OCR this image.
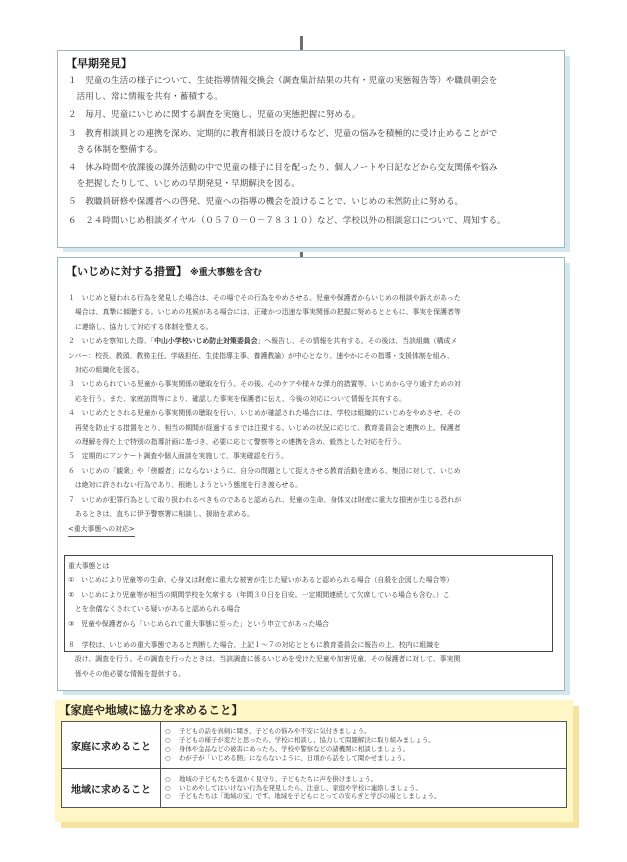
【早期発見】
１　児童の生活の様子について、生徒指導情報交換会（調査集計結果の共有・児童の実態報告等）や職員朝会を
　活用し、常に情報を共有・蓄積する。
２　毎月、児童にいじめに関する調査を実施し、児童の実態把握に努める。
３　教育相談員との連携を深め、定期的に教育相談日を設けるなど、児童の悩みを積極的に受け止めることがで
　きる体制を整備する。
４　休み時間や放課後の課外活動の中で児童の様子に目を配ったり、個人ノートや日記などから交友関係や悩み
　を把握したりして、いじめの早期発見・早期解決を図る。
５　教職員研修や保護者への啓発、児童への指導の機会を設けることで、いじめの未然防止に努める。
６　２４時間いじめ相談ダイヤル（０５７０－０－７８３１０）など、学校以外の相談窓口について、周知する。
【いじめに対する措置】 ※重大事態を含む
１　いじめと疑われる行為を発見した場合は、その場でその行為をやめさせる。児童や保護者からいじめの相談や訴えがあった
　場合は、真摯に傾聴する。いじめの兆候がある場合には、正確かつ迅速な事実関係の把握に努めるとともに、事実を保護者等
　に連絡し、協力して対応する体制を整える。
２　いじめを察知した際、「中山小学校いじめ防止対策委員会」へ報告し、その情報を共有する。その後は、当該組織（構成メ
ンバー：校長、教頭、教務主任、学級担任、生徒指導主事、養護教諭）が中心となり、速やかにその指導・支援体制を組み、
　対応の組織化を図る。
３　いじめられている児童から事実関係の聴取を行う。その後、心のケアや様々な弾力的措置等、いじめから守り通すための対
　応を行う。また、家庭訪問等により、確認した事実を保護者に伝え、今後の対応について情報を共有する。
４　いじめたとされる児童から事実関係の聴取を行い、いじめが確認された場合には、学校は組織的にいじめをやめさせ、その
　再発を防止する措置をとり、相当の期間が経過するまでは注視する。いじめの状況に応じて、教育委員会と連携の上、保護者
　の理解を得た上で特別の指導計画に基づき、必要に応じて警察等との連携を含め、毅然とした対応を行う。
５　定期的にアンケート調査や個人面談を実施して、事実確認を行う。
６　いじめの「観衆」や「傍観者」にならないように、自分の問題として捉えさせる教育活動を進める。集団に対して、いじめ
　は絶対に許されない行為であり、根絶しようという態度を行き渡らせる。
７　いじめが犯罪行為として取り扱われるべきものであると認められ、児童の生命、身体又は財産に重大な損害が生じる恐れが
　あるときは、直ちに伊予警察署に相談し、援助を求める。
<重大事態への対応>
重大事態とは
①　いじめにより児童等の生命、心身又は財産に重大な被害が生じた疑いがあると認められる場合（自殺を企図した場合等）
②　いじめにより児童等が相当の期間学校を欠席する（年間３０日を目安。一定期間連続して欠席している場合も含む。）こ
　とを余儀なくされている疑いがあると認められる場合
③　児童や保護者から「いじめられて重大事態に至った」という申立てがあった場合
８　学校は、いじめの重大事態であると判断した場合、上記１～７の対応とともに教育委員会に報告の上、校内に組織を
　設け、調査を行う。その調査を行ったときは、当該調査に係るいじめを受けた児童や加害児童、その保護者に対して、事実関
　係やその他必要な情報を提供する。
【家庭や地域に協力を求めること】
家庭に求めること	○ 子どもの話を真剣に聞き、子どもの悩みや不安に気付きましょう。
○ 子どもの様子が変だと思ったら、学校に相談し、協力して問題解決に取り組みましょう。
○ 身体や金品などの被害にあったら、学校や警察などの諸機関に相談しましょう。
○ わが子が「いじめる側」にならないように、日頃から話をして聞かせましょう。

地域に求めること	○ 地域の子どもたちを温かく見守り、子どもたちに声を掛けましょう。
○ いじめやしてはいけない行為を発見したら、注意し、家庭や学校に連絡しましょう。
○ 子どもたちは「地域の宝」です。地域を子どもにとっての安らぎと学びの場としましょう。
